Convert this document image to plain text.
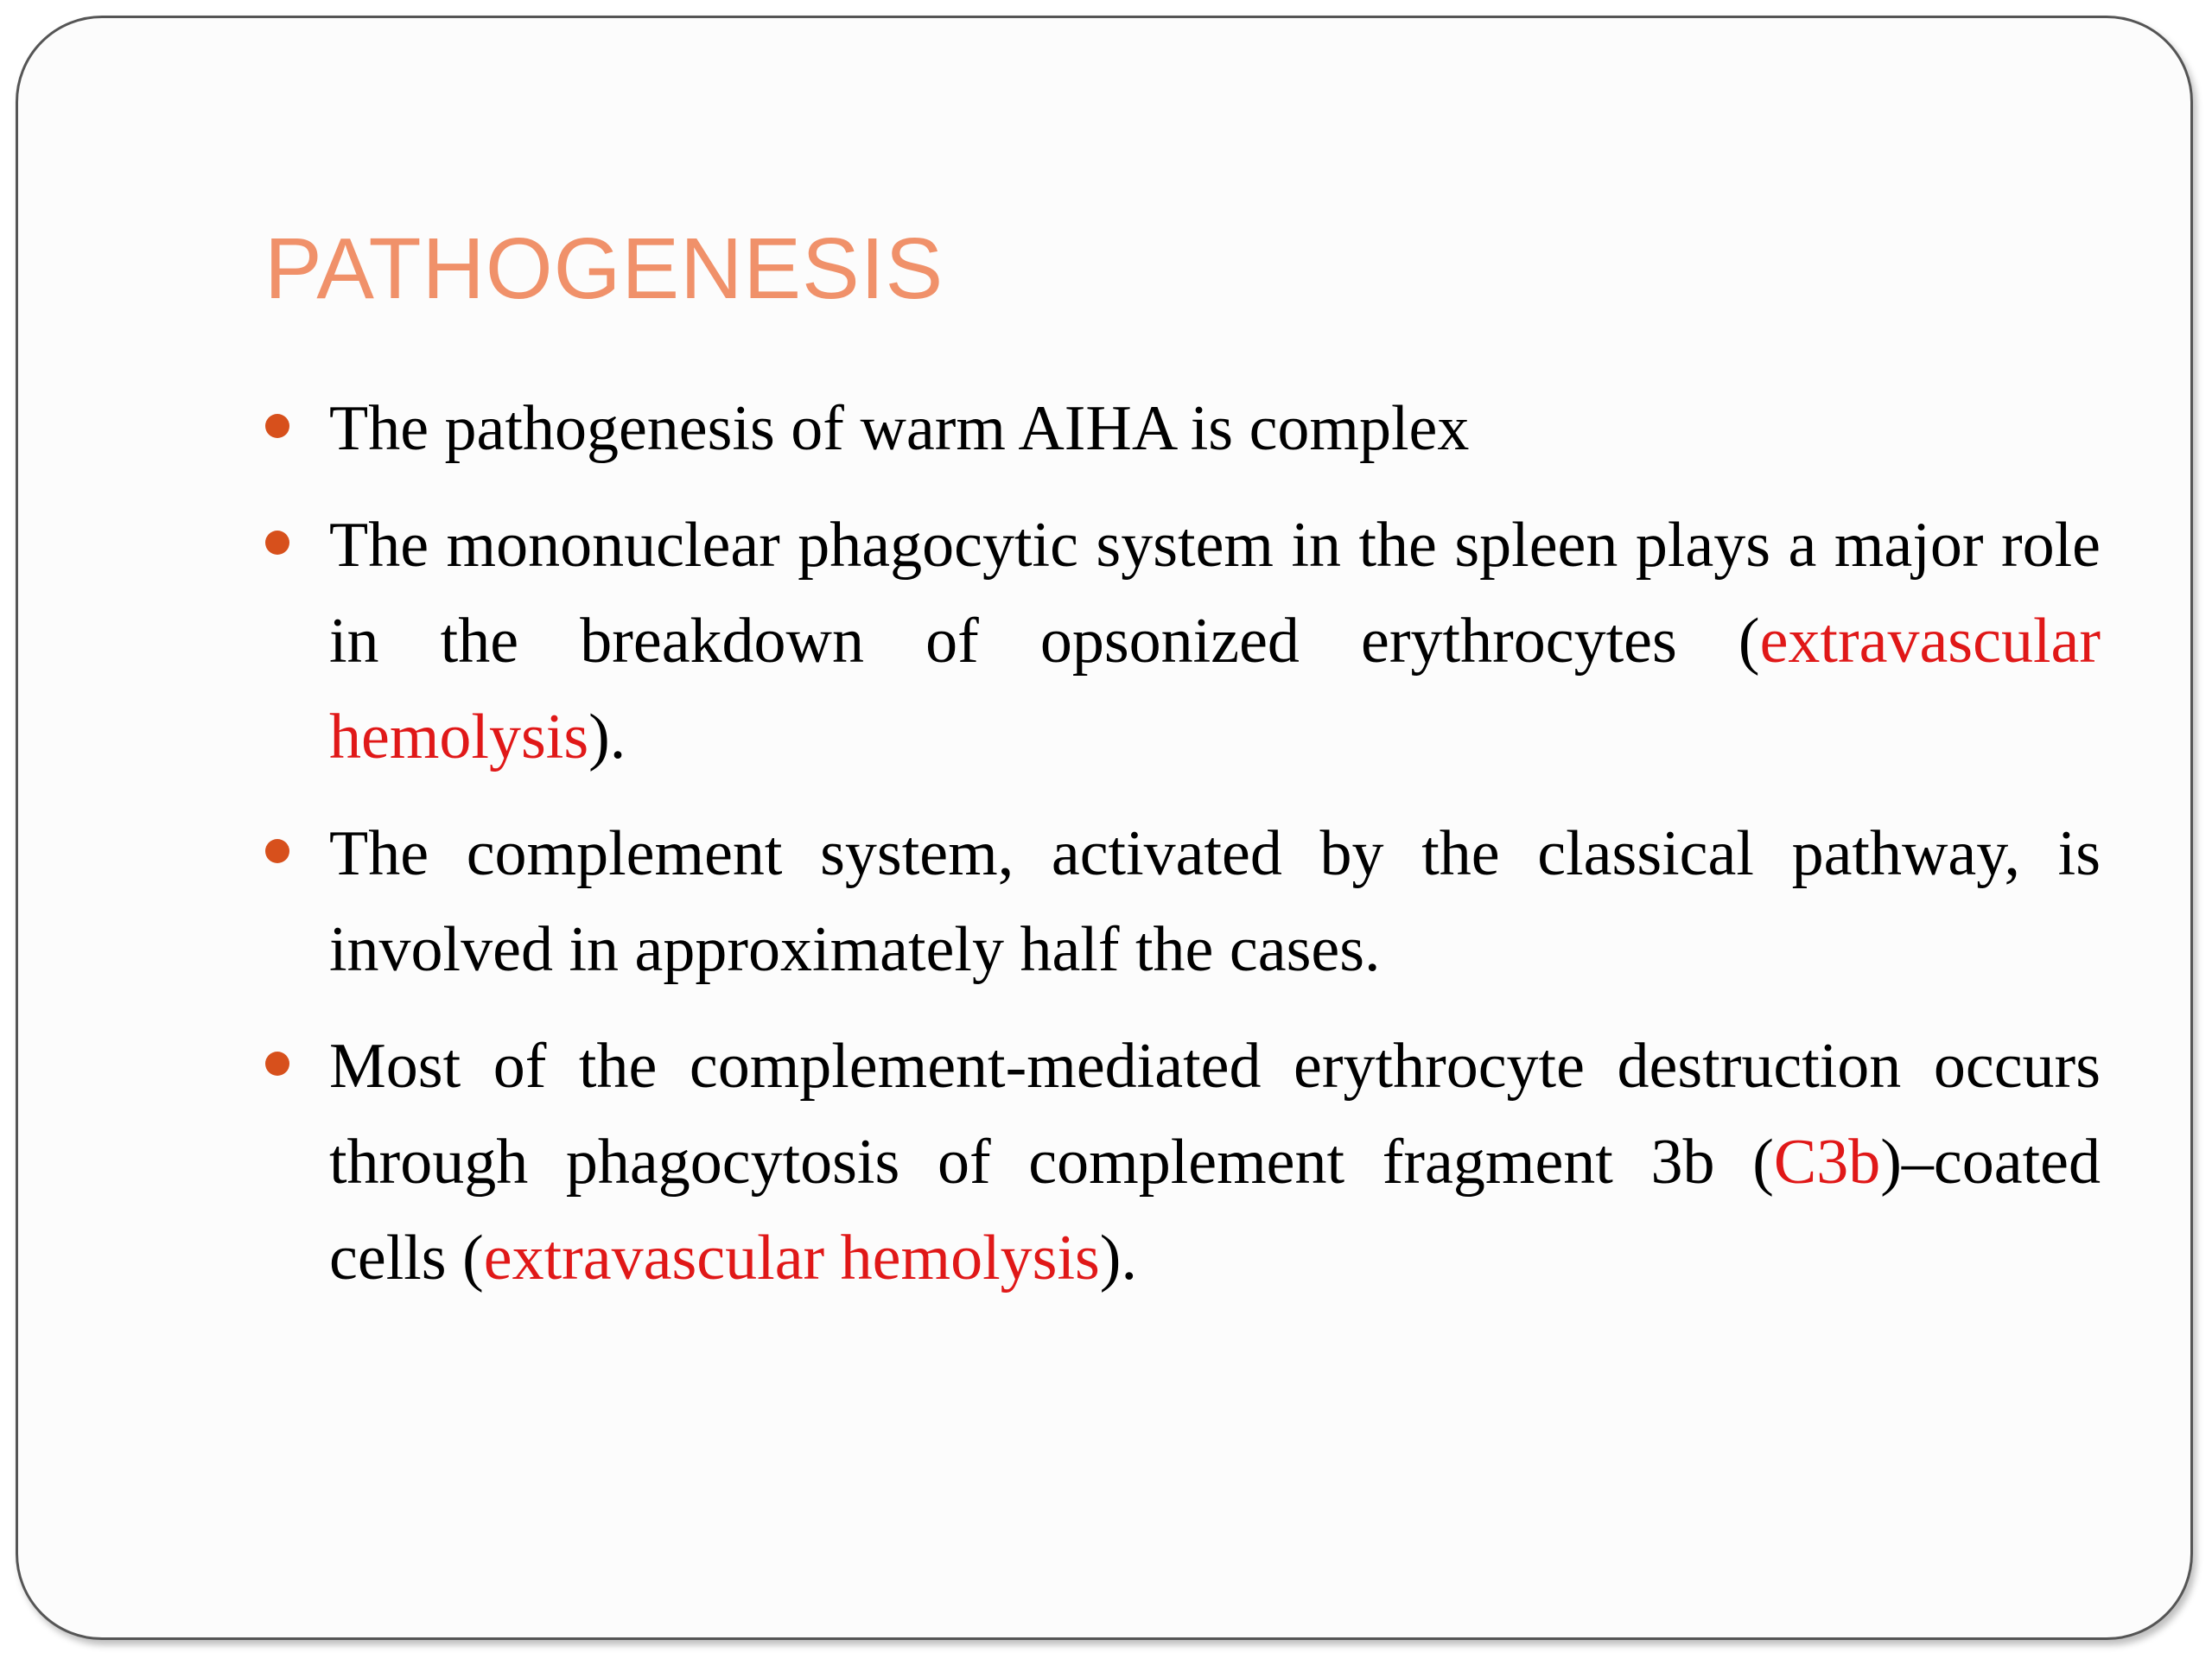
PATHOGENESIS
The pathogenesis of warm AIHA is complex
The mononuclear phagocytic system in the spleen plays a major role in the breakdown of opsonized erythrocytes (extravascular hemolysis).
The complement system, activated by the classical pathway, is involved in approximately half the cases.
Most of the complement-mediated erythrocyte destruction occurs through phagocytosis of complement fragment 3b (C3b)–coated cells (extravascular hemolysis).
